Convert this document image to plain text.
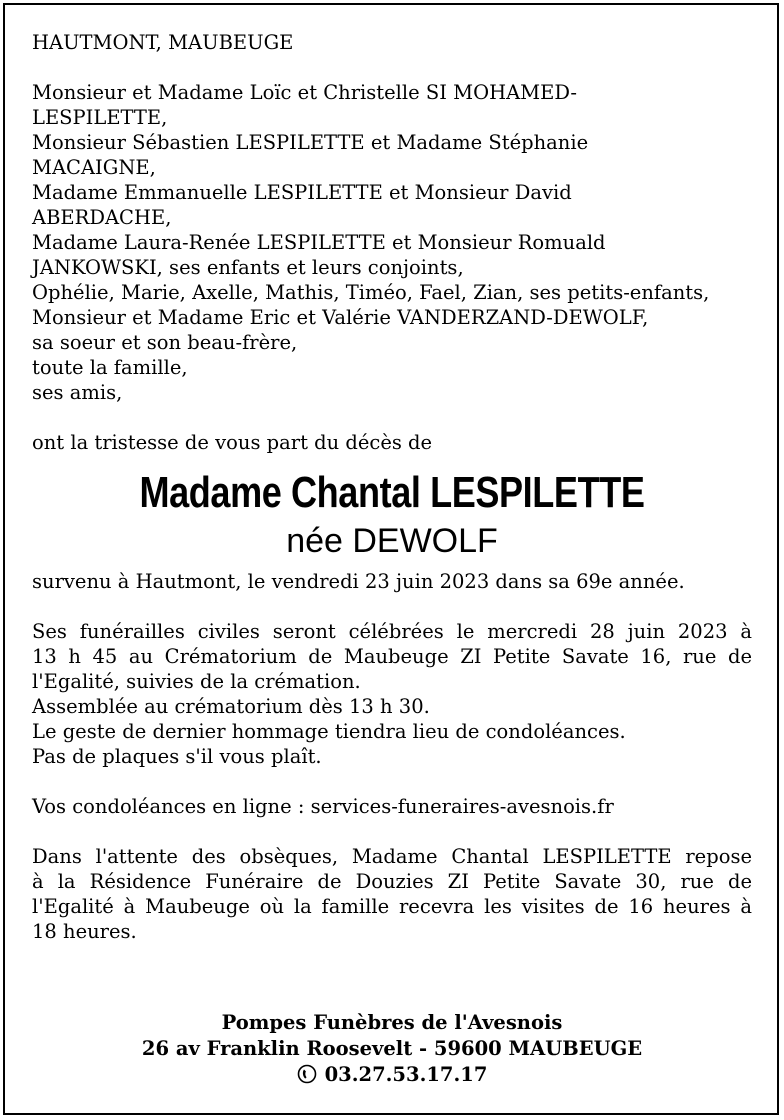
HAUTMONT, MAUBEUGE
Monsieur et Madame Loïc et Christelle SI MOHAMED-
LESPILETTE,
Monsieur Sébastien LESPILETTE et Madame Stéphanie
MACAIGNE,
Madame Emmanuelle LESPILETTE et Monsieur David
ABERDACHE,
Madame Laura-Renée LESPILETTE et Monsieur Romuald
JANKOWSKI, ses enfants et leurs conjoints,
Ophélie, Marie, Axelle, Mathis, Timéo, Fael, Zian, ses petits-enfants,
Monsieur et Madame Eric et Valérie VANDERZAND-DEWOLF,
sa soeur et son beau-frère,
toute la famille,
ses amis,
ont la tristesse de vous part du décès de
Madame Chantal LESPILETTE
née DEWOLF
survenu à Hautmont, le vendredi 23 juin 2023 dans sa 69e année.
Ses funérailles civiles seront célébrées le mercredi 28 juin 2023 à
13 h 45 au Crématorium de Maubeuge ZI Petite Savate 16, rue de
l'Egalité, suivies de la crémation.
Assemblée au crématorium dès 13 h 30.
Le geste de dernier hommage tiendra lieu de condoléances.
Pas de plaques s'il vous plaît.
Vos condoléances en ligne : services-funeraires-avesnois.fr
Dans l'attente des obsèques, Madame Chantal LESPILETTE repose
à la Résidence Funéraire de Douzies ZI Petite Savate 30, rue de
l'Egalité à Maubeuge où la famille recevra les visites de 16 heures à
18 heures.
Pompes Funèbres de l'Avesnois
26 av Franklin Roosevelt - 59600 MAUBEUGE
03.27.53.17.17
